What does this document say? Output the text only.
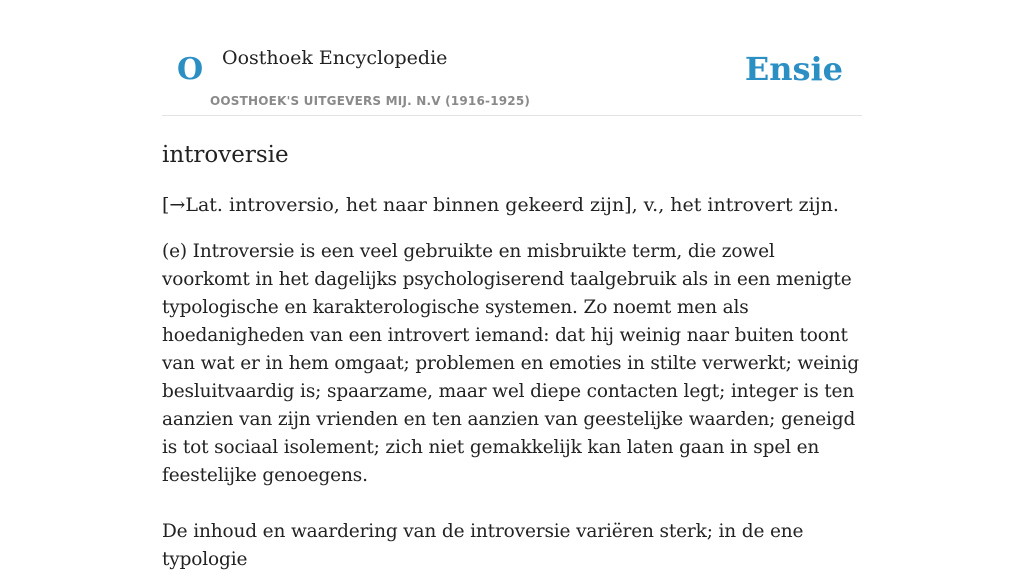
O Oosthoek Encyclopedie
OOSTHOEK'S UITGEVERS MIJ. N.V (1916-1925)
Ensie
introversie

[→Lat. introversio, het naar binnen gekeerd zijn], v., het introvert zijn.

(e) Introversie is een veel gebruikte en misbruikte term, die zowel voorkomt in het dagelijks psychologiserend taalgebruik als in een menigte typologische en karakterologische systemen. Zo noemt men als hoedanigheden van een introvert iemand: dat hij weinig naar buiten toont van wat er in hem omgaat; problemen en emoties in stilte verwerkt; weinig besluitvaardig is; spaarzame, maar wel diepe contacten legt; integer is ten aanzien van zijn vrienden en ten aanzien van geestelijke waarden; geneigd is tot sociaal isolement; zich niet gemakkelijk kan laten gaan in spel en feestelijke genoegens.

De inhoud en waardering van de introversie variëren sterk; in de ene typologie
